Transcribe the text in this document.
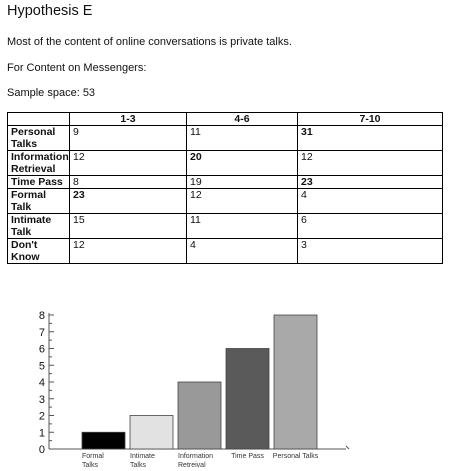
Hypothesis E
Most of the content of online conversations is private talks.
For Content on Messengers:
Sample space: 53
	1-3	4-6	7-10
Personal Talks	9	11	31
Information Retrieval	12	20	12
Time Pass	8	19	23
Formal Talk	23	12	4
Intimate Talk	15	11	6
Don't Know	12	4	3
0
1
2
3
4
5
6
7
8
Formal Talks
Intimate Talks
Information Retreival
Time Pass Personal Talks
